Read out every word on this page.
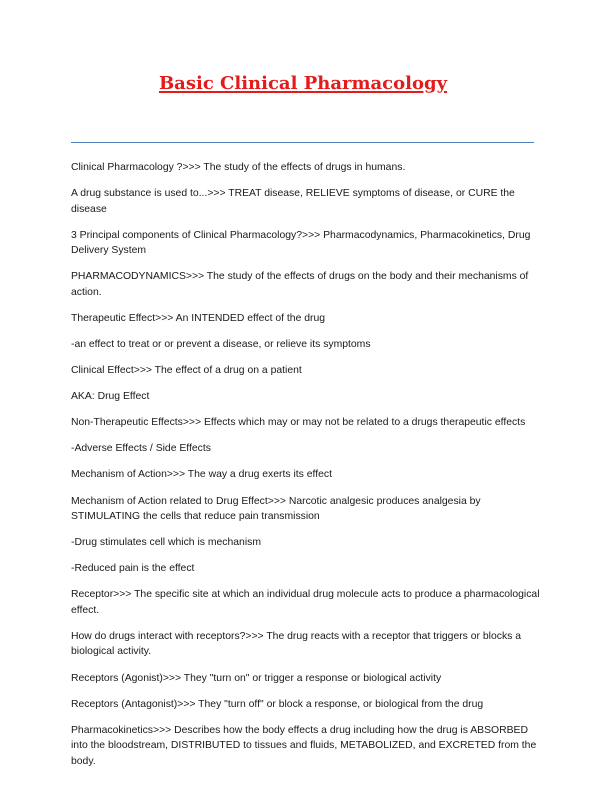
Basic Clinical Pharmacology

Clinical Pharmacology ?>>> The study of the effects of drugs in humans.

A drug substance is used to...>>> TREAT disease, RELIEVE symptoms of disease, or CURE the disease

3 Principal components of Clinical Pharmacology?>>> Pharmacodynamics, Pharmacokinetics, Drug Delivery System

PHARMACODYNAMICS>>> The study of the effects of drugs on the body and their mechanisms of action.

Therapeutic Effect>>> An INTENDED effect of the drug

-an effect to treat or or prevent a disease, or relieve its symptoms

Clinical Effect>>> The effect of a drug on a patient

AKA: Drug Effect

Non-Therapeutic Effects>>> Effects which may or may not be related to a drugs therapeutic effects

-Adverse Effects / Side Effects

Mechanism of Action>>> The way a drug exerts its effect

Mechanism of Action related to Drug Effect>>> Narcotic analgesic produces analgesia by STIMULATING the cells that reduce pain transmission

-Drug stimulates cell which is mechanism

-Reduced pain is the effect

Receptor>>> The specific site at which an individual drug molecule acts to produce a pharmacological effect.

How do drugs interact with receptors?>>> The drug reacts with a receptor that triggers or blocks a biological activity.

Receptors (Agonist)>>> They "turn on" or trigger a response or biological activity

Receptors (Antagonist)>>> They "turn off" or block a response, or biological from the drug

Pharmacokinetics>>> Describes how the body effects a drug including how the drug is ABSORBED into the bloodstream, DISTRIBUTED to tissues and fluids, METABOLIZED, and EXCRETED from the body.
